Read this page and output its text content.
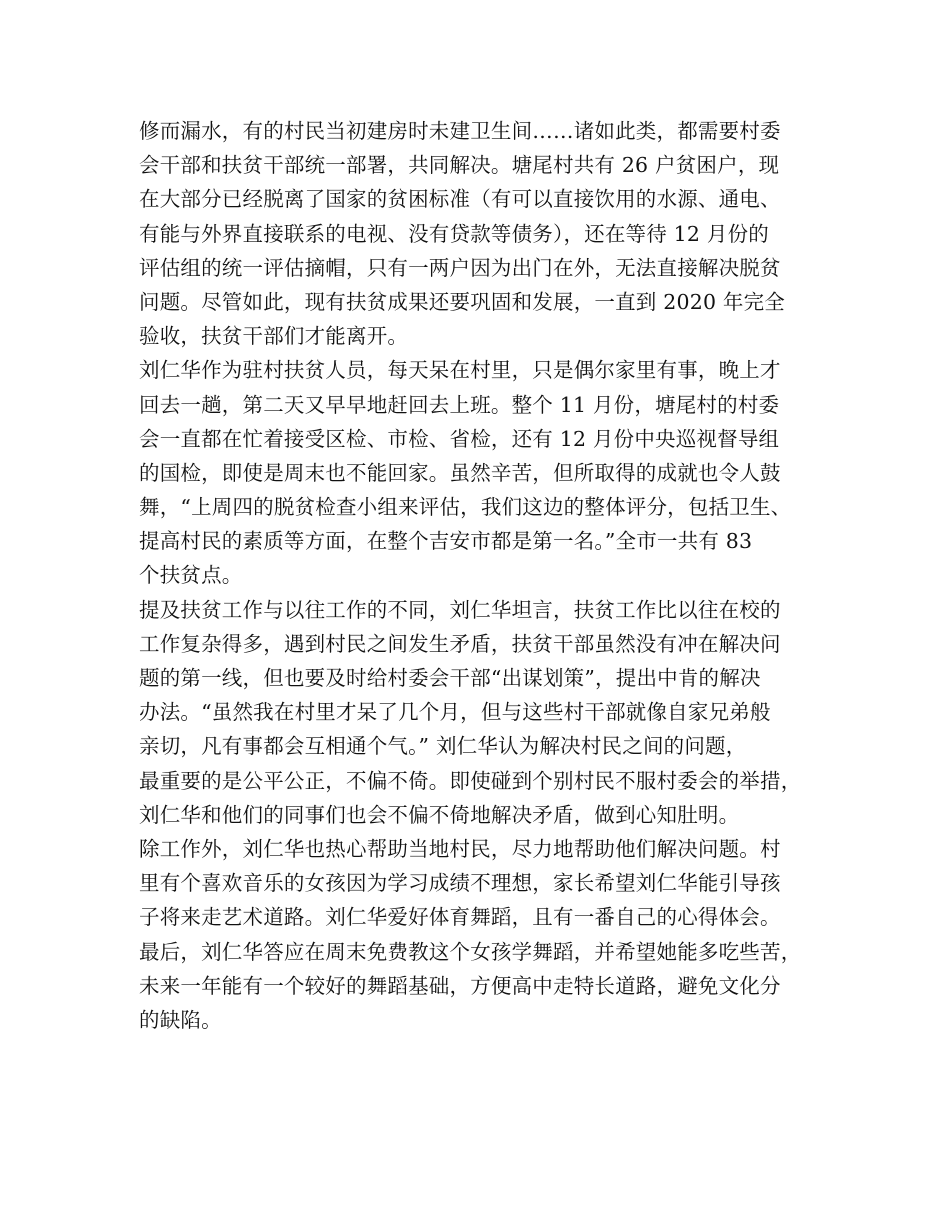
修而漏水，有的村民当初建房时未建卫生间……诸如此类，都需要村委
会干部和扶贫干部统一部署，共同解决。塘尾村共有 26 户贫困户，现
在大部分已经脱离了国家的贫困标准（有可以直接饮用的水源、通电、
有能与外界直接联系的电视、没有贷款等债务），还在等待 12 月份的
评估组的统一评估摘帽，只有一两户因为出门在外，无法直接解决脱贫
问题。尽管如此，现有扶贫成果还要巩固和发展，一直到 2020 年完全
验收，扶贫干部们才能离开。
刘仁华作为驻村扶贫人员，每天呆在村里，只是偶尔家里有事，晚上才
回去一趟，第二天又早早地赶回去上班。整个 11 月份，塘尾村的村委
会一直都在忙着接受区检、市检、省检，还有 12 月份中央巡视督导组
的国检，即使是周末也不能回家。虽然辛苦，但所取得的成就也令人鼓
舞，“上周四的脱贫检查小组来评估，我们这边的整体评分，包括卫生、
提高村民的素质等方面，在整个吉安市都是第一名。”全市一共有 83
个扶贫点。
提及扶贫工作与以往工作的不同，刘仁华坦言，扶贫工作比以往在校的
工作复杂得多，遇到村民之间发生矛盾，扶贫干部虽然没有冲在解决问
题的第一线，但也要及时给村委会干部“出谋划策”，提出中肯的解决
办法。“虽然我在村里才呆了几个月，但与这些村干部就像自家兄弟般
亲切，凡有事都会互相通个气。” 刘仁华认为解决村民之间的问题，
最重要的是公平公正，不偏不倚。即使碰到个别村民不服村委会的举措，
刘仁华和他们的同事们也会不偏不倚地解决矛盾，做到心知肚明。
除工作外，刘仁华也热心帮助当地村民，尽力地帮助他们解决问题。村
里有个喜欢音乐的女孩因为学习成绩不理想，家长希望刘仁华能引导孩
子将来走艺术道路。刘仁华爱好体育舞蹈，且有一番自己的心得体会。
最后，刘仁华答应在周末免费教这个女孩学舞蹈，并希望她能多吃些苦，
未来一年能有一个较好的舞蹈基础，方便高中走特长道路，避免文化分
的缺陷。
